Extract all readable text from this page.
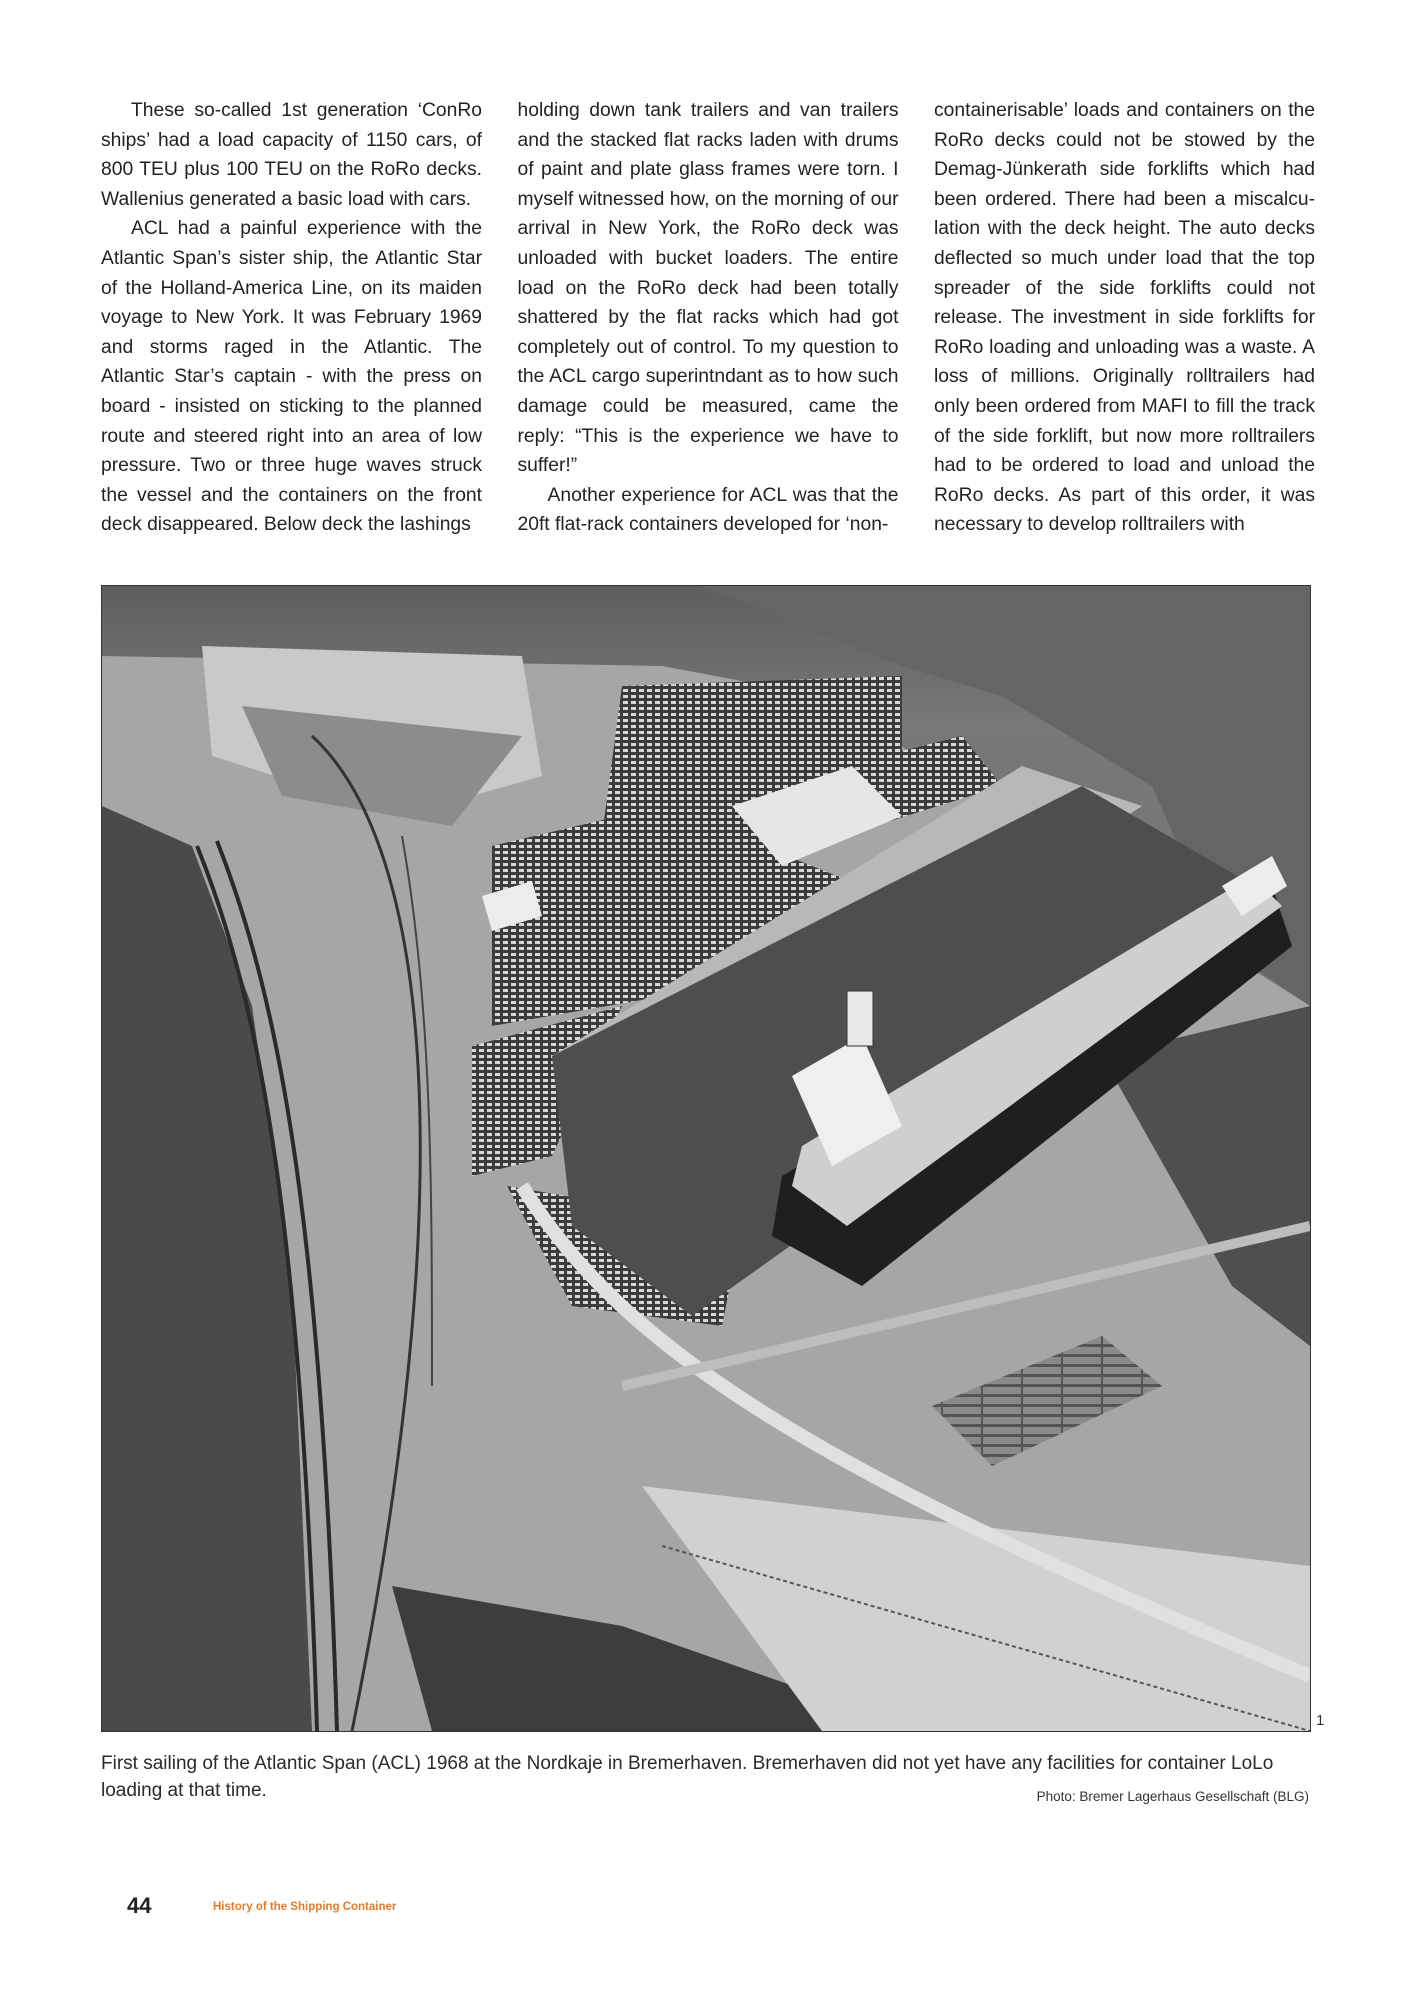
These so-called 1st generation ‘ConRo ships’ had a load capacity of 1150 cars, of 800 TEU plus 100 TEU on the RoRo decks. Wallenius generated a basic load with cars.

ACL had a painful experience with the Atlantic Span’s sister ship, the Atlantic Star of the Holland-America Line, on its maiden voyage to New York. It was February 1969 and storms raged in the Atlantic. The Atlantic Star’s captain - with the press on board - insisted on sticking to the planned route and steered right into an area of low pressure. Two or three huge waves struck the vessel and the containers on the front deck disappeared. Below deck the lashings

holding down tank trailers and van trailers and the stacked flat racks laden with drums of paint and plate glass frames were torn. I myself witnessed how, on the morning of our arrival in New York, the RoRo deck was unloaded with bucket loaders. The entire load on the RoRo deck had been totally shattered by the flat racks which had got completely out of control. To my question to the ACL cargo superintndant as to how such damage could be measured, came the reply: “This is the experience we have to suffer!”

Another experience for ACL was that the 20ft flat-rack containers developed for ‘non-

containerisable’ loads and containers on the RoRo decks could not be stowed by the Demag-Jünkerath side forklifts which had been ordered. There had been a miscalculation with the deck height. The auto decks deflected so much under load that the top spreader of the side forklifts could not release. The investment in side forklifts for RoRo loading and unloading was a waste. A loss of millions. Originally rolltrailers had only been ordered from MAFI to fill the track of the side forklift, but now more rolltrailers had to be ordered to load and unload the RoRo decks. As part of this order, it was necessary to develop rolltrailers with

1
First sailing of the Atlantic Span (ACL) 1968 at the Nordkaje in Bremerhaven. Bremerhaven did not yet have any facilities for container LoLo loading at that time.	Photo: Bremer Lagerhaus Gesellschaft (BLG)
44	History of the Shipping Container
